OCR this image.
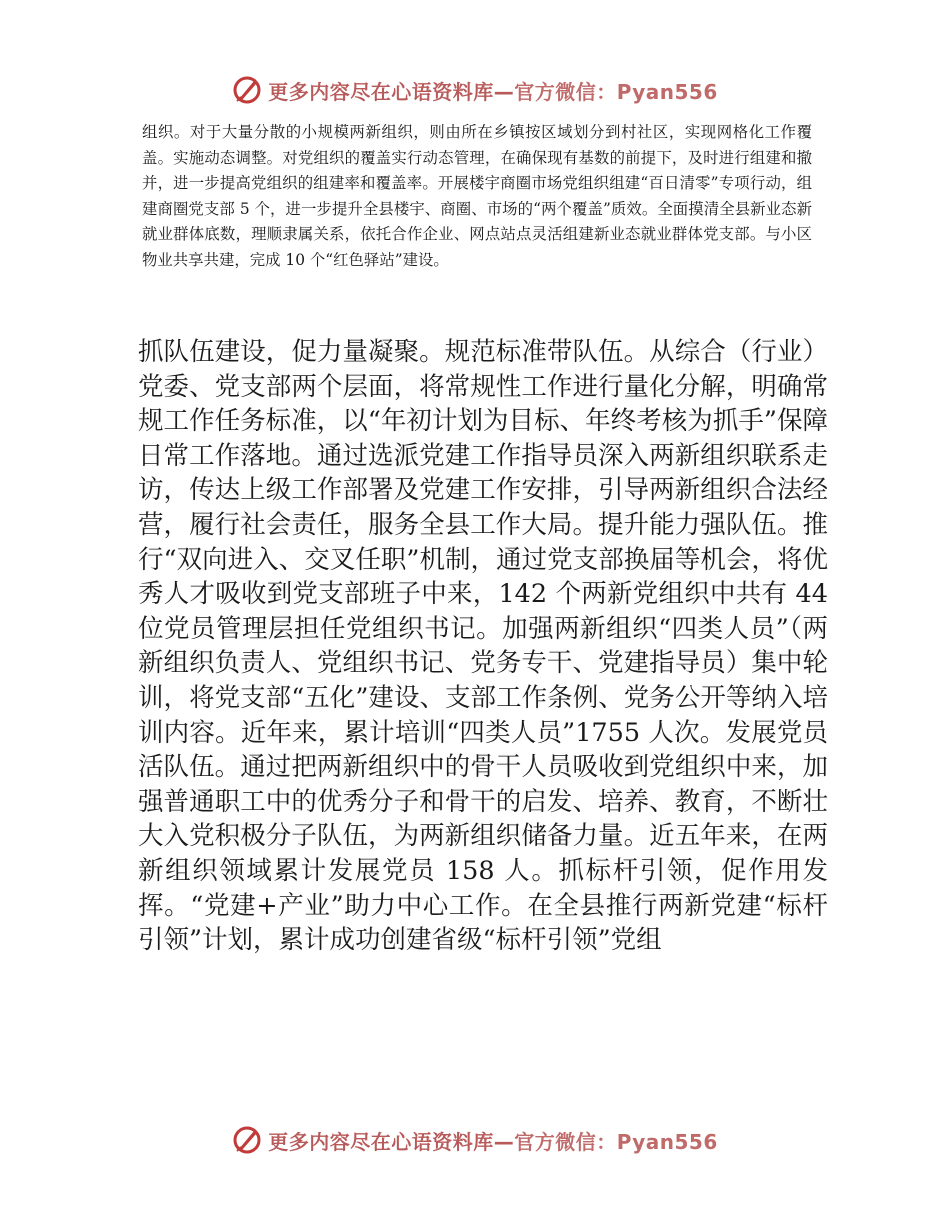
更多内容尽在心语资料库—官方微信：Pyan556

组织。对于大量分散的小规模两新组织，则由所在乡镇按区域划分到村社区，实现网格化工作覆盖。实施动态调整。对党组织的覆盖实行动态管理，在确保现有基数的前提下，及时进行组建和撤并，进一步提高党组织的组建率和覆盖率。开展楼宇商圈市场党组织组建“百日清零”专项行动，组建商圈党支部 5 个，进一步提升全县楼宇、商圈、市场的“两个覆盖”质效。全面摸清全县新业态新就业群体底数，理顺隶属关系，依托合作企业、网点站点灵活组建新业态就业群体党支部。与小区物业共享共建，完成 10 个“红色驿站”建设。

抓队伍建设，促力量凝聚。规范标准带队伍。从综合（行业）党委、党支部两个层面，将常规性工作进行量化分解，明确常规工作任务标准，以“年初计划为目标、年终考核为抓手”保障日常工作落地。通过选派党建工作指导员深入两新组织联系走访，传达上级工作部署及党建工作安排，引导两新组织合法经营，履行社会责任，服务全县工作大局。提升能力强队伍。推行“双向进入、交叉任职”机制，通过党支部换届等机会，将优秀人才吸收到党支部班子中来，142 个两新党组织中共有 44 位党员管理层担任党组织书记。加强两新组织“四类人员”（两新组织负责人、党组织书记、党务专干、党建指导员）集中轮训，将党支部“五化”建设、支部工作条例、党务公开等纳入培训内容。近年来，累计培训“四类人员”1755 人次。发展党员活队伍。通过把两新组织中的骨干人员吸收到党组织中来，加强普通职工中的优秀分子和骨干的启发、培养、教育，不断壮大入党积极分子队伍，为两新组织储备力量。近五年来，在两新组织领域累计发展党员 158 人。抓标杆引领，促作用发挥。“党建+产业”助力中心工作。在全县推行两新党建“标杆引领”计划，累计成功创建省级“标杆引领”党组

更多内容尽在心语资料库—官方微信：Pyan556
